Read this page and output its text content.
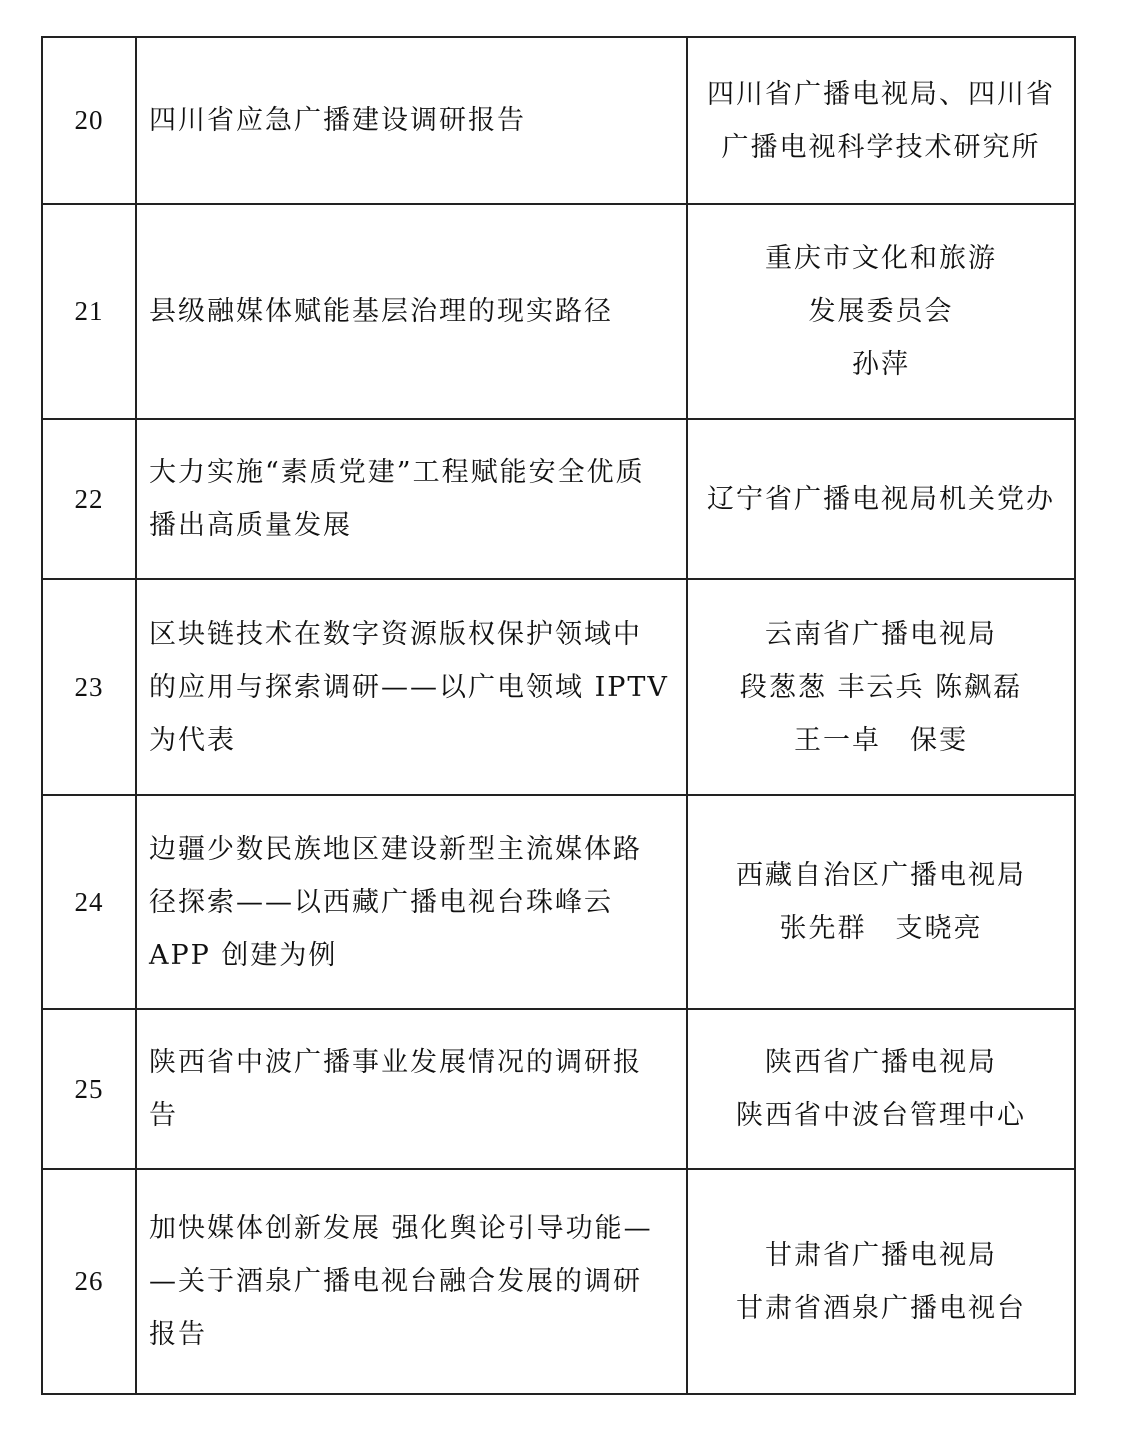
20	四川省应急广播建设调研报告	四川省广播电视局、四川省
广播电视科学技术研究所

21	县级融媒体赋能基层治理的现实路径	重庆市文化和旅游
发展委员会
孙萍

22	大力实施“素质党建”工程赋能安全优质
播出高质量发展	辽宁省广播电视局机关党办

23	区块链技术在数字资源版权保护领域中
的应用与探索调研——以广电领域 IPTV
为代表	云南省广播电视局
段葱葱 丰云兵 陈飙磊
王一卓　保雯

24	边疆少数民族地区建设新型主流媒体路
径探索——以西藏广播电视台珠峰云
APP 创建为例	西藏自治区广播电视局
张先群　支晓亮

25	陕西省中波广播事业发展情况的调研报
告	陕西省广播电视局
陕西省中波台管理中心

26	加快媒体创新发展 强化舆论引导功能—
—关于酒泉广播电视台融合发展的调研
报告	甘肃省广播电视局
甘肃省酒泉广播电视台
